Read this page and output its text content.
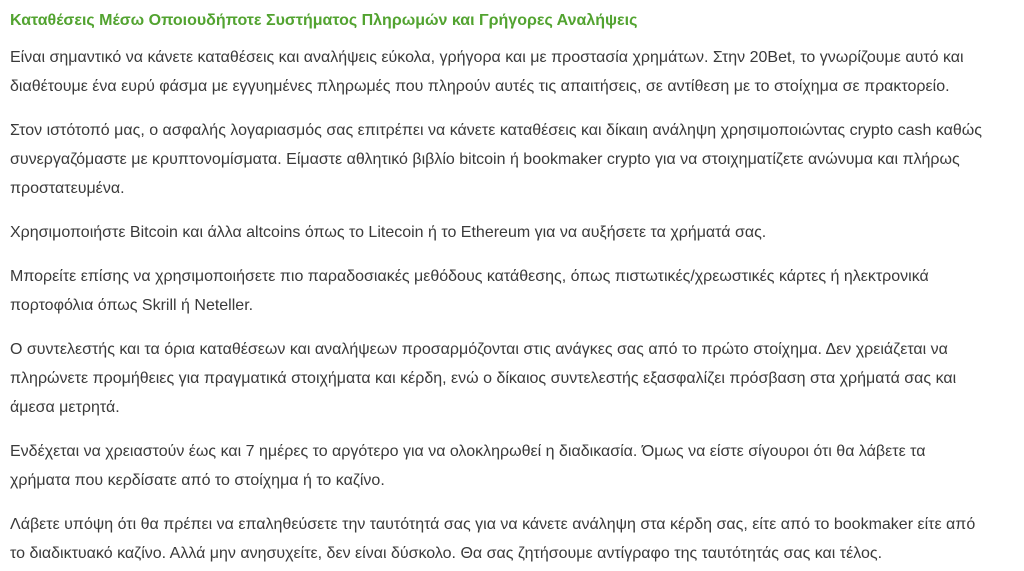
Καταθέσεις Μέσω Οποιουδήποτε Συστήματος Πληρωμών και Γρήγορες Αναλήψεις

Είναι σημαντικό να κάνετε καταθέσεις και αναλήψεις εύκολα, γρήγορα και με προστασία χρημάτων. Στην 20Bet, το γνωρίζουμε αυτό και
διαθέτουμε ένα ευρύ φάσμα με εγγυημένες πληρωμές που πληρούν αυτές τις απαιτήσεις, σε αντίθεση με το στοίχημα σε πρακτορείο.

Στον ιστότοπό μας, ο ασφαλής λογαριασμός σας επιτρέπει να κάνετε καταθέσεις και δίκαιη ανάληψη χρησιμοποιώντας crypto cash καθώς
συνεργαζόμαστε με κρυπτονομίσματα. Είμαστε αθλητικό βιβλίο bitcoin ή bookmaker crypto για να στοιχηματίζετε ανώνυμα και πλήρως
προστατευμένα.

Χρησιμοποιήστε Bitcoin και άλλα altcoins όπως το Litecoin ή το Ethereum για να αυξήσετε τα χρήματά σας.

Μπορείτε επίσης να χρησιμοποιήσετε πιο παραδοσιακές μεθόδους κατάθεσης, όπως πιστωτικές/χρεωστικές κάρτες ή ηλεκτρονικά
πορτοφόλια όπως Skrill ή Neteller.

Ο συντελεστής και τα όρια καταθέσεων και αναλήψεων προσαρμόζονται στις ανάγκες σας από το πρώτο στοίχημα. Δεν χρειάζεται να
πληρώνετε προμήθειες για πραγματικά στοιχήματα και κέρδη, ενώ ο δίκαιος συντελεστής εξασφαλίζει πρόσβαση στα χρήματά σας και
άμεσα μετρητά.

Ενδέχεται να χρειαστούν έως και 7 ημέρες το αργότερο για να ολοκληρωθεί η διαδικασία. Όμως να είστε σίγουροι ότι θα λάβετε τα
χρήματα που κερδίσατε από το στοίχημα ή το καζίνο.

Λάβετε υπόψη ότι θα πρέπει να επαληθεύσετε την ταυτότητά σας για να κάνετε ανάληψη στα κέρδη σας, είτε από το bookmaker είτε από
το διαδικτυακό καζίνο. Αλλά μην ανησυχείτε, δεν είναι δύσκολο. Θα σας ζητήσουμε αντίγραφο της ταυτότητάς σας και τέλος.
